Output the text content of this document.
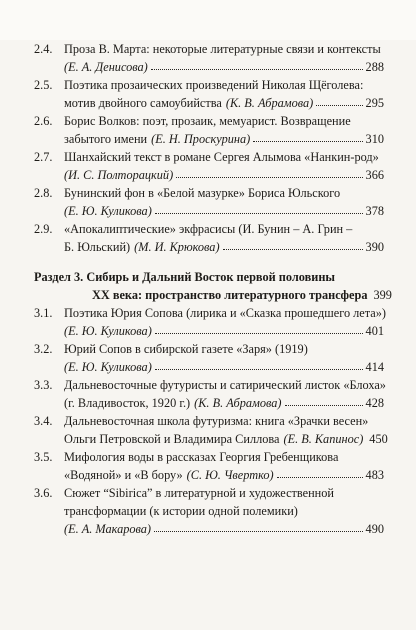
2.4. Проза В. Марта: некоторые литературные связи и контексты
(Е. А. Денисова)	288
2.5. Поэтика прозаических произведений Николая Щёголева:
мотив двойного самоубийства (К. В. Абрамова)	295
2.6. Борис Волков: поэт, прозаик, мемуарист. Возвращение
забытого имени (Е. Н. Проскурина)	310
2.7. Шанхайский текст в романе Сергея Алымова «Нанкин-род»
(И. С. Полторацкий)	366
2.8. Бунинский фон в «Белой мазурке» Бориса Юльского
(Е. Ю. Куликова)	378
2.9. «Апокалиптические» экфрасисы (И. Бунин – А. Грин –
Б. Юльский) (М. И. Крюкова)	390
Раздел 3. Сибирь и Дальний Восток первой половины
XX века: пространство литературного трансфера 399
3.1. Поэтика Юрия Сопова (лирика и «Сказка прошедшего лета»)
(Е. Ю. Куликова)	401
3.2. Юрий Сопов в сибирской газете «Заря» (1919)
(Е. Ю. Куликова)	414
3.3. Дальневосточные футуристы и сатирический листок «Блоха»
(г. Владивосток, 1920 г.) (К. В. Абрамова)	428
3.4. Дальневосточная школа футуризма: книга «Зрачки весен»
Ольги Петровской и Владимира Силлова (Е. В. Капинос) 450
3.5. Мифология воды в рассказах Георгия Гребенщикова
«Водяной» и «В бору» (С. Ю. Чвертко)	483
3.6. Сюжет “Sibirica” в литературной и художественной
трансформации (к истории одной полемики)
(Е. А. Макарова)	490
